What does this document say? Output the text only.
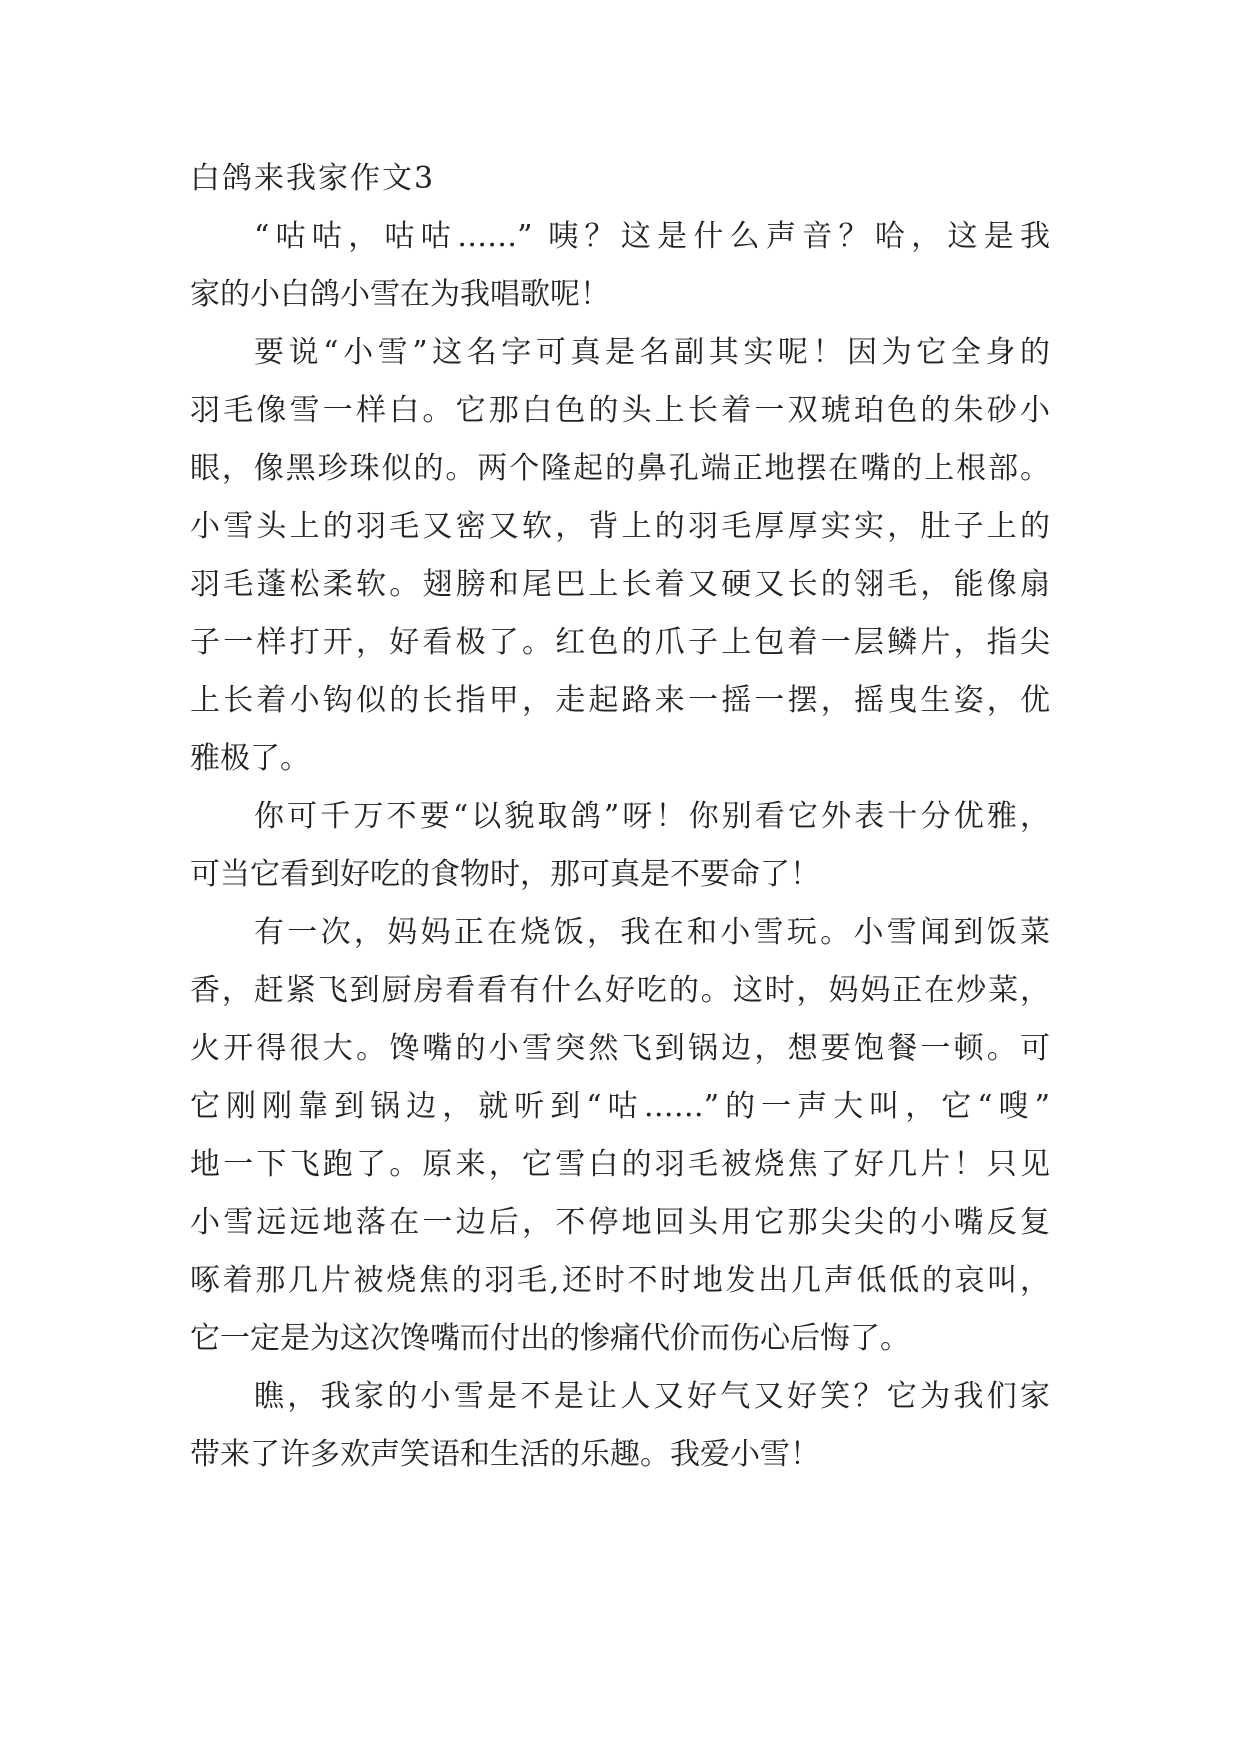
白鸽来我家作文3
“咕咕，咕咕……” 咦？这是什么声音？哈，这是我
家的小白鸽小雪在为我唱歌呢！
要说“小雪”这名字可真是名副其实呢！因为它全身的
羽毛像雪一样白。它那白色的头上长着一双琥珀色的朱砂小
眼，像黑珍珠似的。两个隆起的鼻孔端正地摆在嘴的上根部。
小雪头上的羽毛又密又软，背上的羽毛厚厚实实，肚子上的
羽毛蓬松柔软。翅膀和尾巴上长着又硬又长的翎毛，能像扇
子一样打开，好看极了。红色的爪子上包着一层鳞片，指尖
上长着小钩似的长指甲，走起路来一摇一摆，摇曳生姿，优
雅极了。
你可千万不要“以貌取鸽”呀！你别看它外表十分优雅，
可当它看到好吃的食物时，那可真是不要命了！
有一次，妈妈正在烧饭，我在和小雪玩。小雪闻到饭菜
香，赶紧飞到厨房看看有什么好吃的。这时，妈妈正在炒菜，
火开得很大。馋嘴的小雪突然飞到锅边，想要饱餐一顿。可
它刚刚靠到锅边，就听到“咕……”的一声大叫，它“嗖”
地一下飞跑了。原来，它雪白的羽毛被烧焦了好几片！只见
小雪远远地落在一边后，不停地回头用它那尖尖的小嘴反复
啄着那几片被烧焦的羽毛,还时不时地发出几声低低的哀叫，
它一定是为这次馋嘴而付出的惨痛代价而伤心后悔了。
瞧，我家的小雪是不是让人又好气又好笑？它为我们家
带来了许多欢声笑语和生活的乐趣。我爱小雪！
